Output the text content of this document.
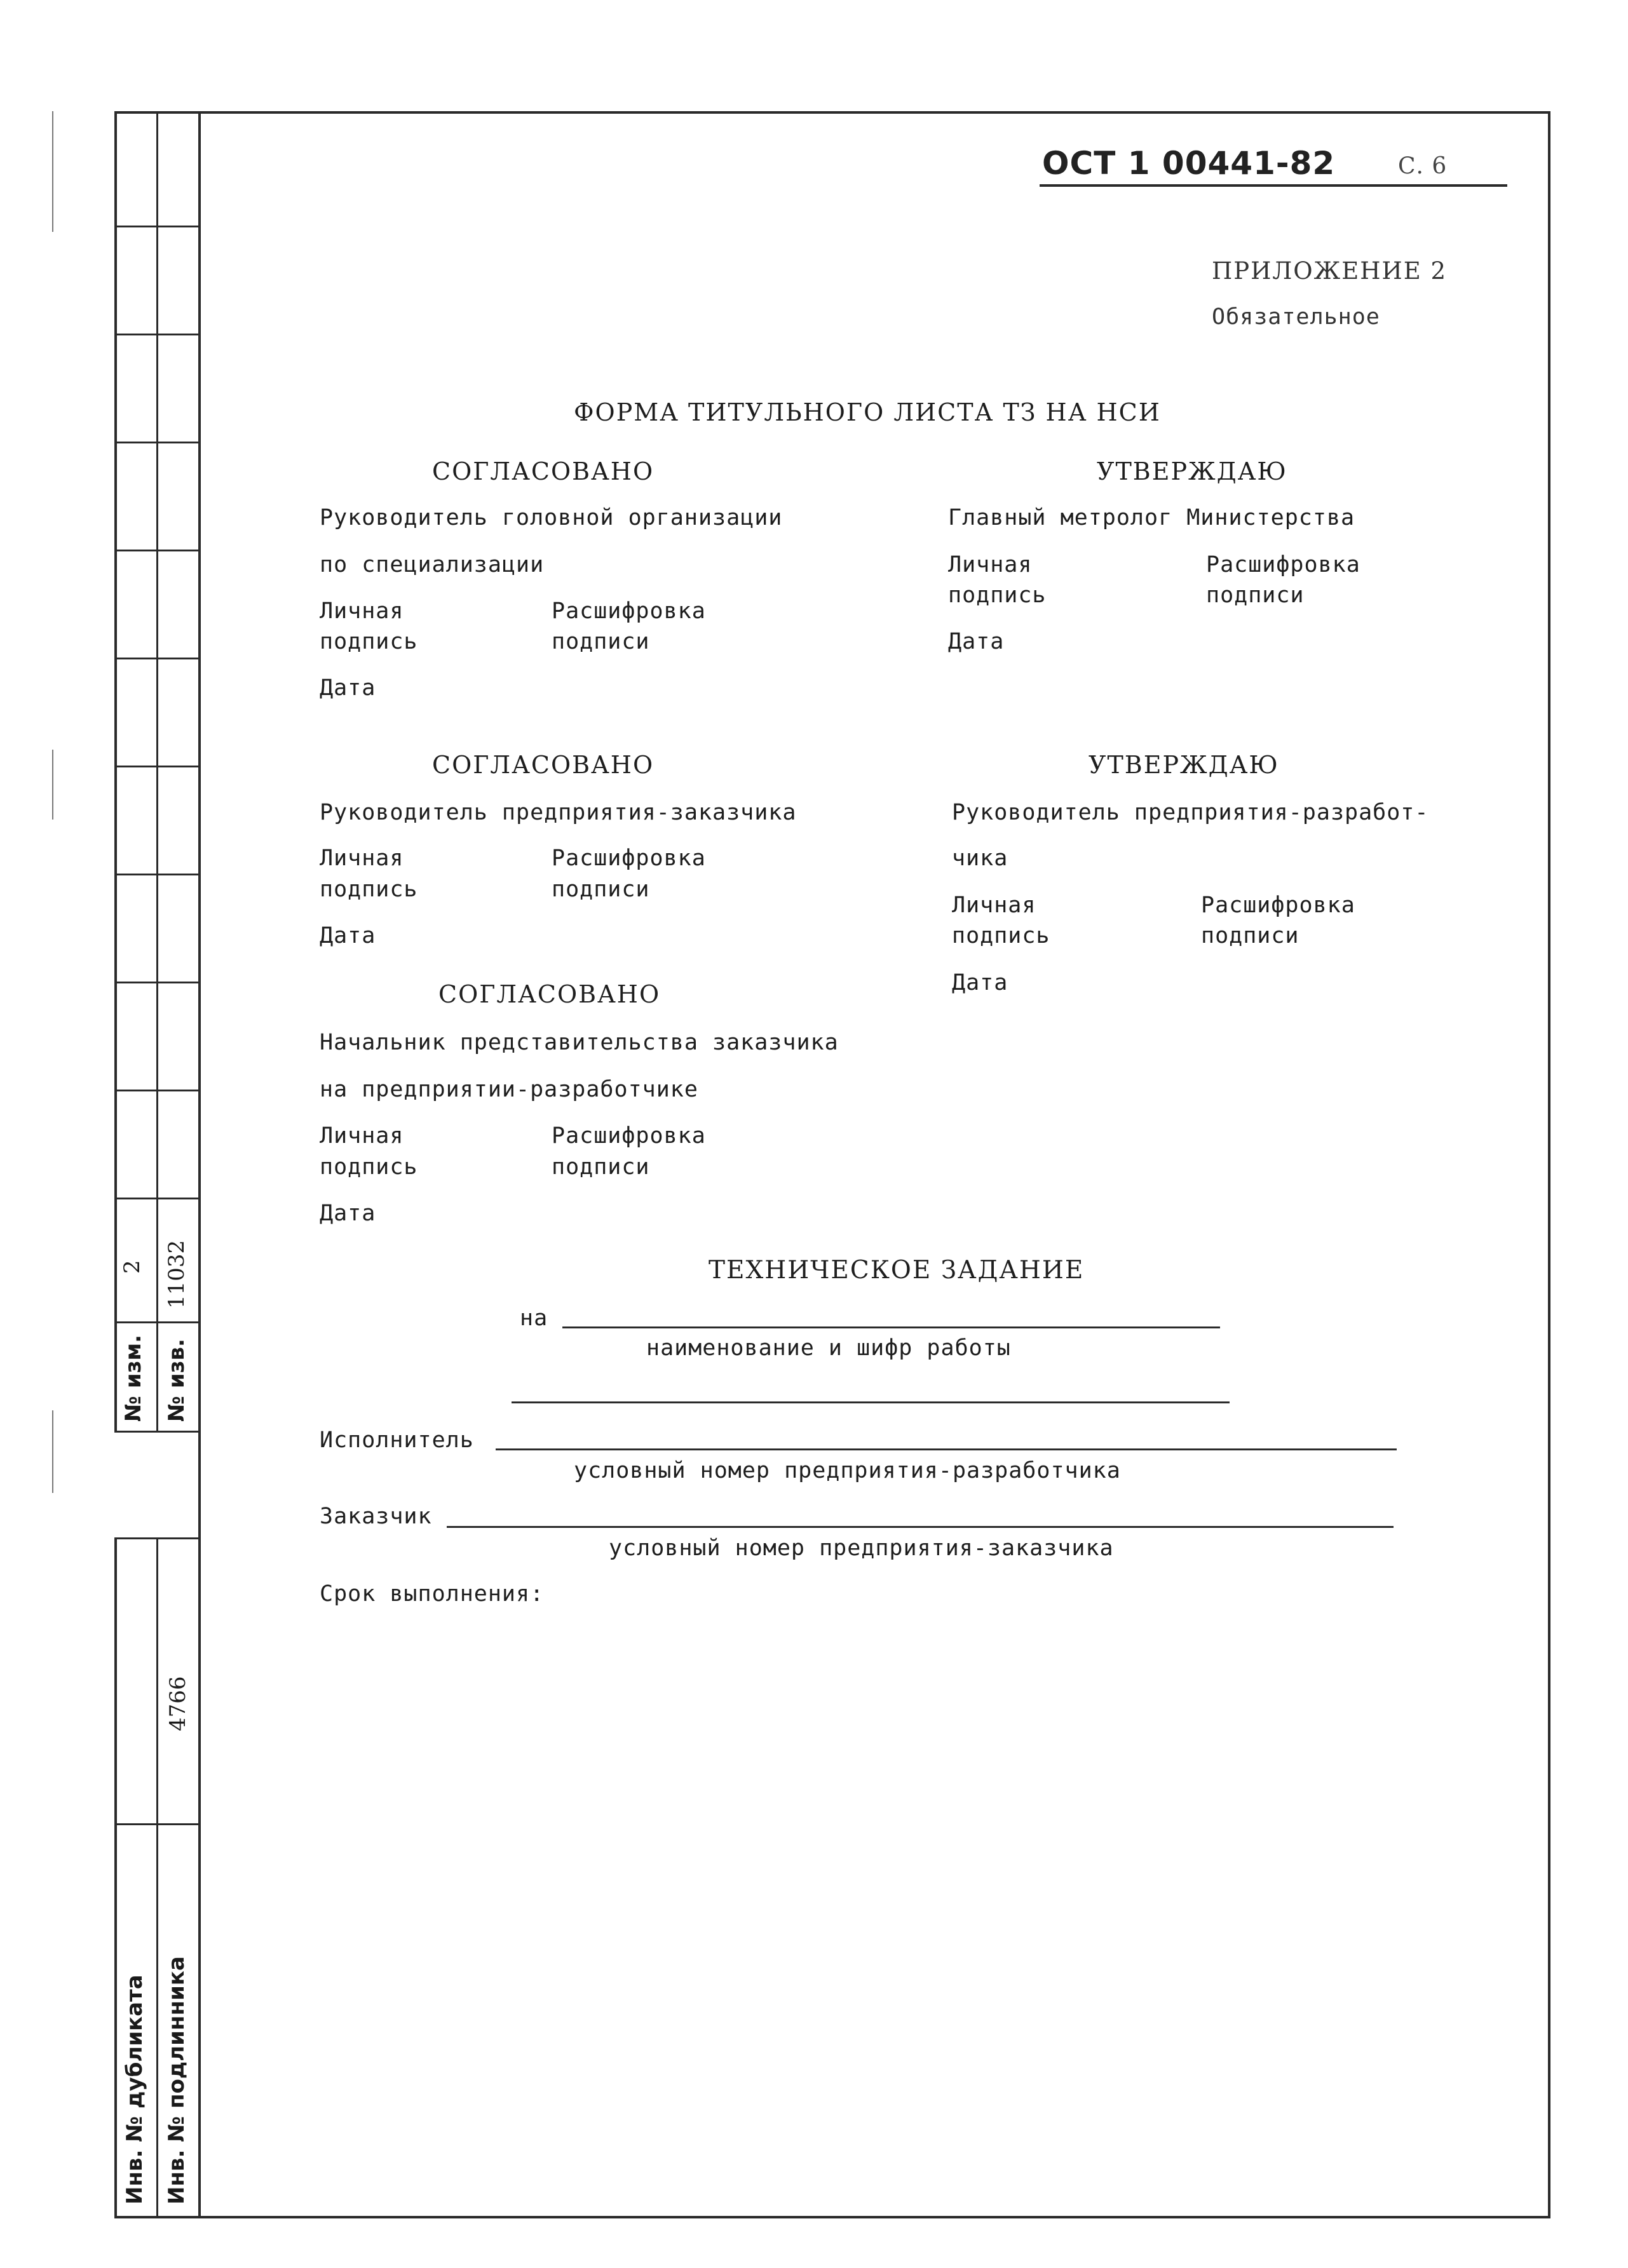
2
№ изм.
11032
№ изв.
Инв. № дубликата Инв. № подлинника
4766
ОСТ 1 00441-82	С. 6
ПРИЛОЖЕНИЕ 2
Обязательное
ФОРМА ТИТУЛЬНОГО ЛИСТА ТЗ НА НСИ
СОГЛАСОВАНО
Руководитель головной организации
по специализации
Личная
подпись
Расшифровка
подписи
Дата
УТВЕРЖДАЮ
Главный метролог Министерства
Личная
подпись
Расшифровка
подписи
Дата
СОГЛАСОВАНО
Руководитель предприятия-заказчика
Личная
подпись
Расшифровка
подписи
Дата
УТВЕРЖДАЮ
Руководитель предприятия-разработ-
чика
Личная
подпись
Расшифровка
подписи
Дата
СОГЛАСОВАНО
Начальник представительства заказчика
на предприятии-разработчике
Личная
подпись
Расшифровка
подписи
Дата
ТЕХНИЧЕСКОЕ ЗАДАНИЕ
на
наименование и шифр работы
Исполнитель
условный номер предприятия-разработчика
Заказчик
условный номер предприятия-заказчика
Срок выполнения:
